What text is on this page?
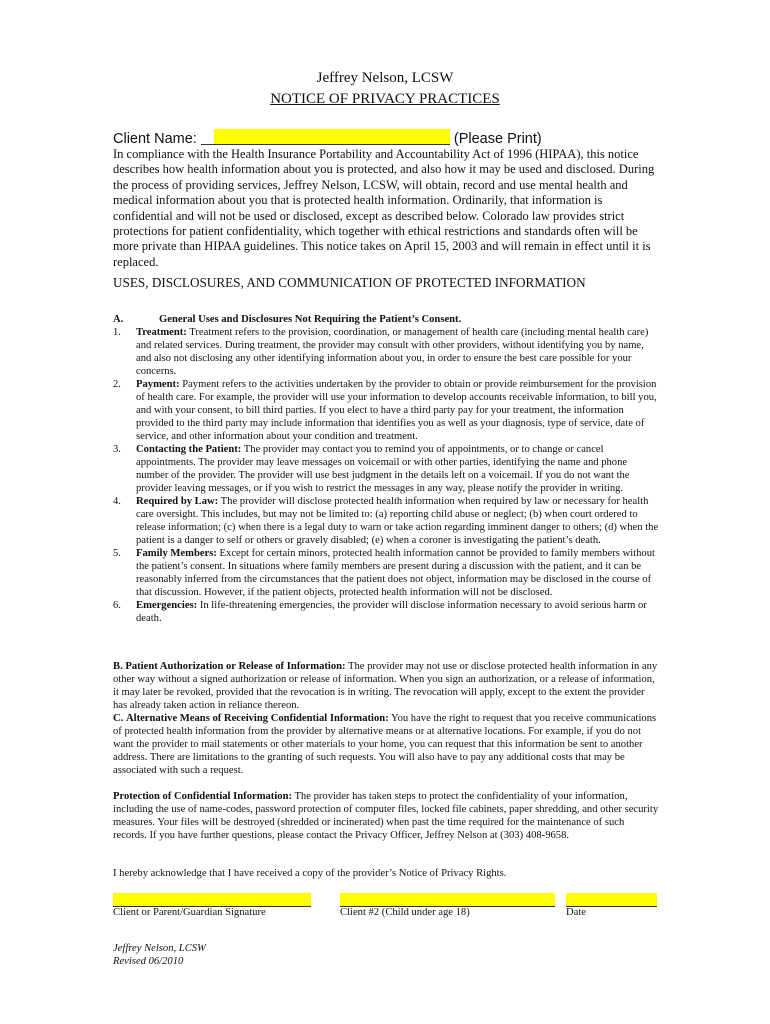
Jeffrey Nelson, LCSW
NOTICE OF PRIVACY PRACTICES
Client Name:	(Please Print)

In compliance with the Health Insurance Portability and Accountability Act of 1996 (HIPAA), this notice describes how health information about you is protected, and also how it may be used and disclosed. During the process of providing services, Jeffrey Nelson, LCSW, will obtain, record and use mental health and medical information about you that is protected health information. Ordinarily, that information is confidential and will not be used or disclosed, except as described below. Colorado law provides strict protections for patient confidentiality, which together with ethical restrictions and standards often will be more private than HIPAA guidelines. This notice takes on April 15, 2003 and will remain in effect until it is replaced.

USES, DISCLOSURES, AND COMMUNICATION OF PROTECTED INFORMATION
A.	General Uses and Disclosures Not Requiring the Patient’s Consent.
1.	Treatment: Treatment refers to the provision, coordination, or management of health care (including mental health care) and related services. During treatment, the provider may consult with other providers, without identifying you by name, and also not disclosing any other identifying information about you, in order to ensure the best care possible for your concerns.

2.	Payment: Payment refers to the activities undertaken by the provider to obtain or provide reimbursement for the provision of health care. For example, the provider will use your information to develop accounts receivable information, to bill you, and with your consent, to bill third parties. If you elect to have a third party pay for your treatment, the information provided to the third party may include information that identifies you as well as your diagnosis, type of service, date of service, and other information about your condition and treatment.

3.	Contacting the Patient: The provider may contact you to remind you of appointments, or to change or cancel appointments. The provider may leave messages on voicemail or with other parties, identifying the name and phone number of the provider. The provider will use best judgment in the details left on a voicemail. If you do not want the provider leaving messages, or if you wish to restrict the messages in any way, please notify the provider in writing.

4.	Required by Law: The provider will disclose protected health information when required by law or necessary for health care oversight. This includes, but may not be limited to: (a) reporting child abuse or neglect; (b) when court ordered to release information; (c) when there is a legal duty to warn or take action regarding imminent danger to others; (d) when the patient is a danger to self or others or gravely disabled; (e) when a coroner is investigating the patient’s death.

5.	Family Members: Except for certain minors, protected health information cannot be provided to family members without the patient’s consent. In situations where family members are present during a discussion with the patient, and it can be reasonably inferred from the circumstances that the patient does not object, information may be disclosed in the course of that discussion. However, if the patient objects, protected health information will not be disclosed.

6.	Emergencies: In life-threatening emergencies, the provider will disclose information necessary to avoid serious harm or death.

B. Patient Authorization or Release of Information: The provider may not use or disclose protected health information in any other way without a signed authorization or release of information. When you sign an authorization, or a release of information, it may later be revoked, provided that the revocation is in writing. The revocation will apply, except to the extent the provider has already taken action in reliance thereon.

C. Alternative Means of Receiving Confidential Information: You have the right to request that you receive communications of protected health information from the provider by alternative means or at alternative locations. For example, if you do not want the provider to mail statements or other materials to your home, you can request that this information be sent to another address. There are limitations to the granting of such requests. You will also have to pay any additional costs that may be associated with such a request.

Protection of Confidential Information: The provider has taken steps to protect the confidentiality of your information, including the use of name-codes, password protection of computer files, locked file cabinets, paper shredding, and other security measures. Your files will be destroyed (shredded or incinerated) when past the time required for the maintenance of such records. If you have further questions, please contact the Privacy Officer, Jeffrey Nelson at (303) 408-9658.

I hereby acknowledge that I have received a copy of the provider’s Notice of Privacy Rights.

Client or Parent/Guardian Signature	Client #2 (Child under age 18)	Date
Jeffrey Nelson, LCSW
Revised 06/2010
